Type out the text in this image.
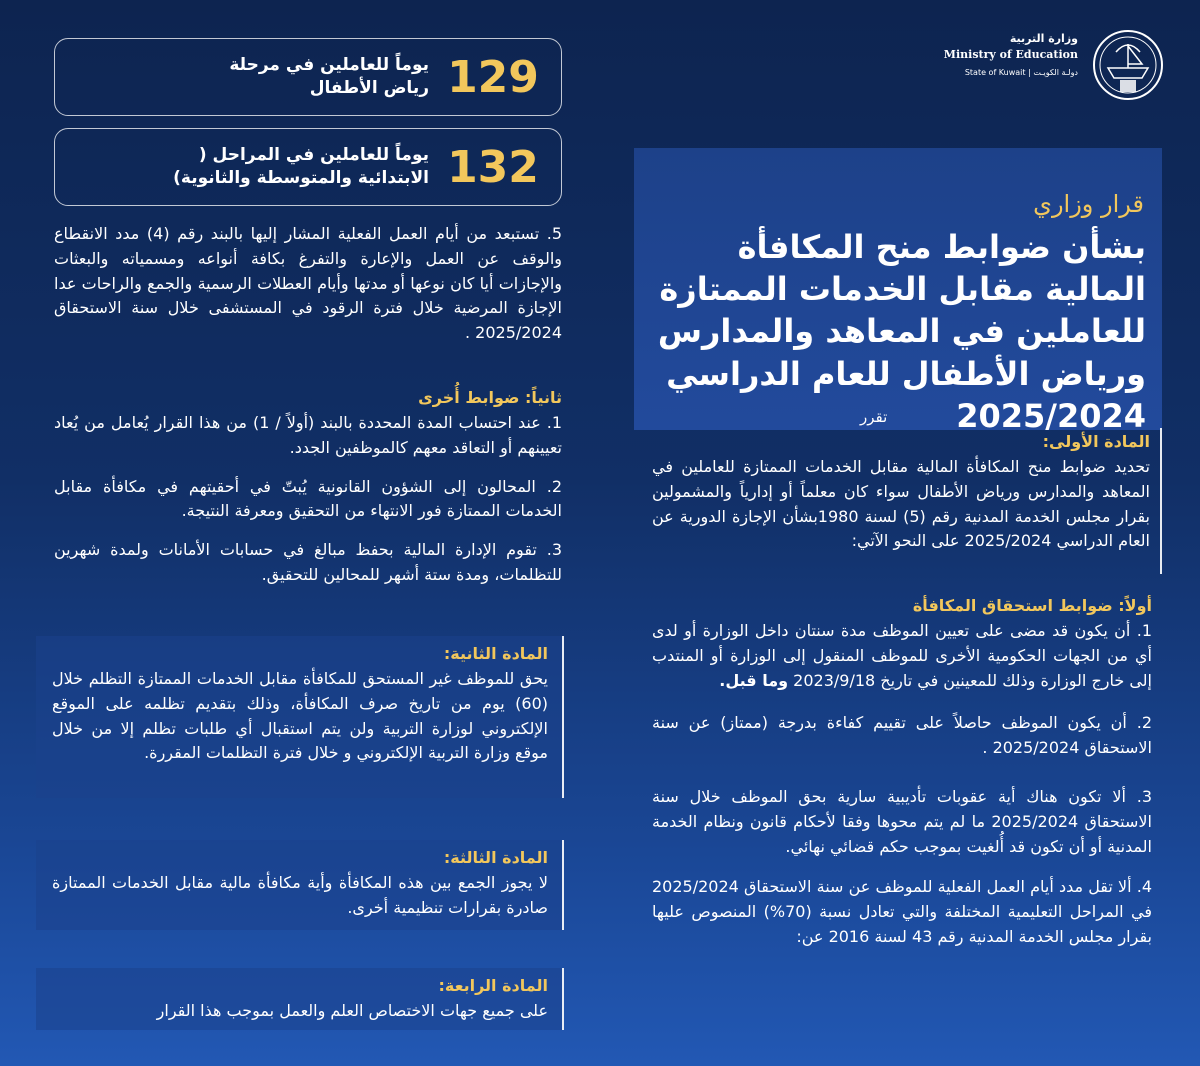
وزارة التربية
Ministry of Education
State of Kuwait | دولـة الكويـت
129
يوماً للعاملين في مرحلة رياض الأطفال
132
يوماً للعاملين في المراحل ( الابتدائية والمتوسطة والثانوية)

5. تستبعد من أيام العمل الفعلية المشار إليها بالبند رقم (4) مدد الانقطاع والوقف عن العمل والإعارة والتفرغ بكافة أنواعه ومسمياته والبعثات والإجازات أيا كان نوعها أو مدتها وأيام العطلات الرسمية والجمع والراحات عدا الإجازة المرضية خلال فترة الرقود في المستشفى خلال سنة الاستحقاق 2025/2024 .

ثانياً: ضوابط أُخرى

1. عند احتساب المدة المحددة بالبند (أولاً / 1) من هذا القرار يُعامل من يُعاد تعيينهم أو التعاقد معهم كالموظفين الجدد.

2. المحالون إلى الشؤون القانونية يُبتّ في أحقيتهم في مكافأة مقابل الخدمات الممتازة فور الانتهاء من التحقيق ومعرفة النتيجة.

3. تقوم الإدارة المالية بحفظ مبالغ في حسابات الأمانات ولمدة شهرين للتظلمات، ومدة ستة أشهر للمحالين للتحقيق.

المادة الثانية:

يحق للموظف غير المستحق للمكافأة مقابل الخدمات الممتازة التظلم خلال (60) يوم من تاريخ صرف المكافأة، وذلك بتقديم تظلمه على الموقع الإلكتروني لوزارة التربية ولن يتم استقبال أي طلبات تظلم إلا من خلال موقع وزارة التربية الإلكتروني و خلال فترة التظلمات المقررة.

المادة الثالثة:

لا يجوز الجمع بين هذه المكافأة وأية مكافأة مالية مقابل الخدمات الممتازة صادرة بقرارات تنظيمية أخرى.

المادة الرابعة:

على جميع جهات الاختصاص العلم والعمل بموجب هذا القرار

قرار وزاري
بشأن ضوابط منح المكافأة المالية مقابل الخدمات الممتازة للعاملين في المعاهد والمدارس ورياض الأطفال للعام الدراسي 2025/2024
تقرر
المادة الأولى:

تحديد ضوابط منح المكافأة المالية مقابل الخدمات الممتازة للعاملين في المعاهد والمدارس ورياض الأطفال سواء كان معلماً أو إدارياً والمشمولين بقرار مجلس الخدمة المدنية رقم (5) لسنة 1980بشأن الإجازة الدورية عن العام الدراسي 2025/2024 على النحو الآتي:

أولاً: ضوابط استحقاق المكافأة

1. أن يكون قد مضى على تعيين الموظف مدة سنتان داخل الوزارة أو لدى أي من الجهات الحكومية الأخرى للموظف المنقول إلى الوزارة أو المنتدب إلى خارج الوزارة وذلك للمعينين في تاريخ 2023/9/18 وما قبل.

2. أن يكون الموظف حاصلاً على تقييم كفاءة بدرجة (ممتاز) عن سنة الاستحقاق 2025/2024 .

3. ألا تكون هناك أية عقوبات تأديبية سارية بحق الموظف خلال سنة الاستحقاق 2025/2024 ما لم يتم محوها وفقا لأحكام قانون ونظام الخدمة المدنية أو أن تكون قد أُلغيت بموجب حكم قضائي نهائي.

4. ألا تقل مدد أيام العمل الفعلية للموظف عن سنة الاستحقاق 2025/2024 في المراحل التعليمية المختلفة والتي تعادل نسبة (70%) المنصوص عليها بقرار مجلس الخدمة المدنية رقم 43 لسنة 2016 عن:
